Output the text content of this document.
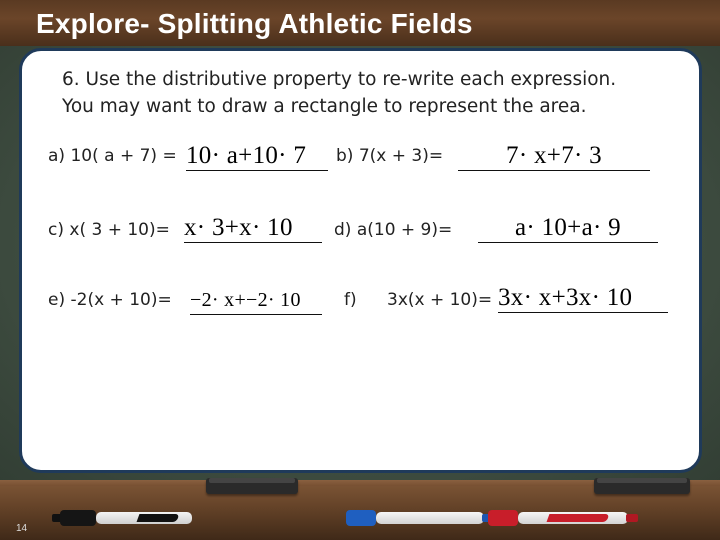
Explore- Splitting Athletic Fields
6. Use the distributive property to re-write each expression.
You may want to draw a rectangle to represent the area.
a) 10( a + 7) = 10· a+10· 7 b) 7(x + 3)=	7· x+7· 3
c) x( 3 + 10)= x· 3+x· 10 d) a(10 + 9)=	a· 10+a· 9
e) -2(x + 10)= −2· x+−2· 10	f) 3x(x + 10)= 3x· x+3x· 10
14
